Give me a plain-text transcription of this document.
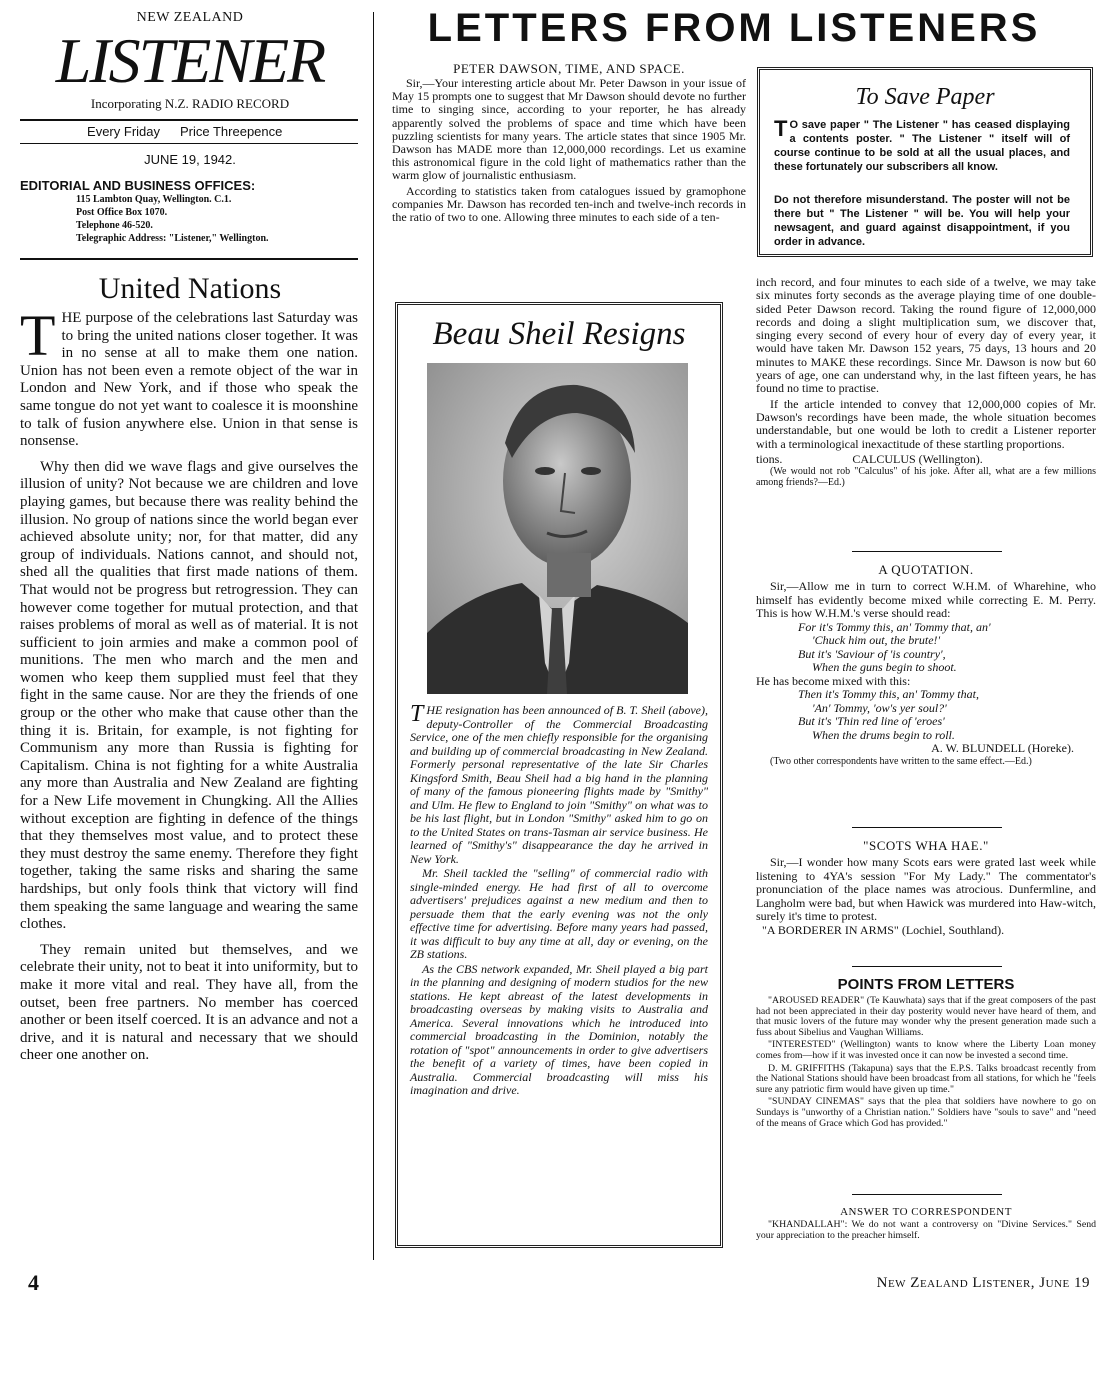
NEW ZEALAND
LISTENER
Incorporating N.Z. RADIO RECORD
Every Friday Price Threepence
JUNE 19, 1942.
EDITORIAL AND BUSINESS OFFICES:
115 Lambton Quay, Wellington. C.1.
Post Office Box 1070.
Telephone 46-520.
Telegraphic Address: "Listener," Wellington.
United Nations

THE purpose of the celebrations last Saturday was to bring the united nations closer together. It was in no sense at all to make them one nation. Union has not been even a remote object of the war in London and New York, and if those who speak the same tongue do not yet want to coalesce it is moonshine to talk of fusion anywhere else. Union in that sense is nonsense.

Why then did we wave flags and give ourselves the illusion of unity? Not because we are children and love playing games, but because there was reality behind the illusion. No group of nations since the world began ever achieved absolute unity; nor, for that matter, did any group of individuals. Nations cannot, and should not, shed all the qualities that first made nations of them. That would not be progress but retrogression. They can however come together for mutual protection, and that raises problems of moral as well as of material. It is not sufficient to join armies and make a common pool of munitions. The men who march and the men and women who keep them supplied must feel that they fight in the same cause. Nor are they the friends of one group or the other who make that cause other than the thing it is. Britain, for example, is not fighting for Communism any more than Russia is fighting for Capitalism. China is not fighting for a white Australia any more than Australia and New Zealand are fighting for a New Life movement in Chungking. All the Allies without exception are fighting in defence of the things that they themselves most value, and to protect these they must destroy the same enemy. Therefore they fight together, taking the same risks and sharing the same hardships, but only fools think that victory will find them speaking the same language and wearing the same clothes.

They remain united but themselves, and we celebrate their unity, not to beat it into uniformity, but to make it more vital and real. They have all, from the outset, been free partners. No member has coerced another or been itself coerced. It is an advance and not a drive, and it is natural and necessary that we should cheer one another on.

LETTERS FROM LISTENERS
PETER DAWSON, TIME, AND SPACE.

Sir,—Your interesting article about Mr. Peter Dawson in your issue of May 15 prompts one to suggest that Mr Dawson should devote no further time to singing since, according to your reporter, he has already apparently solved the problems of space and time which have been puzzling scientists for many years. The article states that since 1905 Mr. Dawson has MADE more than 12,000,000 recordings. Let us examine this astronomical figure in the cold light of mathematics rather than the warm glow of journalistic enthusiasm.

According to statistics taken from catalogues issued by gramophone companies Mr. Dawson has recorded ten-inch and twelve-inch records in the ratio of two to one. Allowing three minutes to each side of a ten-

Beau Sheil Resigns

THE resignation has been announced of B. T. Sheil (above), deputy-Controller of the Commercial Broadcasting Service, one of the men chiefly responsible for the organising and building up of commercial broadcasting in New Zealand. Formerly personal representative of the late Sir Charles Kingsford Smith, Beau Sheil had a big hand in the planning of many of the famous pioneering flights made by "Smithy" and Ulm. He flew to England to join "Smithy" on what was to be his last flight, but in London "Smithy" asked him to go on to the United States on trans-Tasman air service business. He learned of "Smithy's" disappearance the day he arrived in New York.

Mr. Sheil tackled the "selling" of commercial radio with single-minded energy. He had first of all to overcome advertisers' prejudices against a new medium and then to persuade them that the early evening was not the only effective time for advertising. Before many years had passed, it was difficult to buy any time at all, day or evening, on the ZB stations.

As the CBS network expanded, Mr. Sheil played a big part in the planning and designing of modern studios for the new stations. He kept abreast of the latest developments in broadcasting overseas by making visits to Australia and America. Several innovations which he introduced into commercial broadcasting in the Dominion, notably the rotation of "spot" announcements in order to give advertisers the benefit of a variety of times, have been copied in Australia. Commercial broadcasting will miss his imagination and drive.

To Save Paper
T O save paper " The Listener " has ceased displaying a contents poster. " The Listener " itself will of course continue to be sold at all the usual places, and these fortunately our subscribers all know.
Do not therefore misunderstand. The poster will not be there but " The Listener " will be. You will help your newsagent, and guard against disappointment, if you order in advance.

inch record, and four minutes to each side of a twelve, we may take six minutes forty seconds as the average playing time of one double-sided Peter Dawson record. Taking the round figure of 12,000,000 records and doing a slight multiplication sum, we discover that, singing every second of every hour of every day of every year, it would have taken Mr. Dawson 152 years, 75 days, 13 hours and 20 minutes to MAKE these recordings. Since Mr. Dawson is now but 60 years of age, one can understand why, in the last fifteen years, he has found no time to practise.

If the article intended to convey that 12,000,000 copies of Mr. Dawson's recordings have been made, the whole situation becomes understandable, but one would be loth to credit a Listener reporter with a terminological inexactitude of these startling proportions.

tions.	CALCULUS (Wellington).

(We would not rob "Calculus" of his joke. After all, what are a few millions among friends?—Ed.)

A QUOTATION.

Sir,—Allow me in turn to correct W.H.M. of Wharehine, who himself has evidently become mixed while correcting E. M. Perry. This is how W.H.M.'s verse should read:

For it's Tommy this, an' Tommy that, an'

'Chuck him out, the brute!'

But it's 'Saviour of 'is country',

When the guns begin to shoot.

He has become mixed with this:

Then it's Tommy this, an' Tommy that,

'An' Tommy, 'ow's yer soul?'

But it's 'Thin red line of 'eroes'

When the drums begin to roll.

A. W. BLUNDELL (Horeke).

(Two other correspondents have written to the same effect.—Ed.)

"SCOTS WHA HAE."

Sir,—I wonder how many Scots ears were grated last week while listening to 4YA's session "For My Lady." The commentator's pronunciation of the place names was atrocious. Dunfermline, and Langholm were bad, but when Hawick was murdered into Haw-witch, surely it's time to protest.

"A BORDERER IN ARMS" (Lochiel, Southland).

POINTS FROM LETTERS

"AROUSED READER" (Te Kauwhata) says that if the great composers of the past had not been appreciated in their day posterity would never have heard of them, and that music lovers of the future may wonder why the present generation made such a fuss about Sibelius and Vaughan Williams.

"INTERESTED" (Wellington) wants to know where the Liberty Loan money comes from—how if it was invested once it can now be invested a second time.

D. M. GRIFFITHS (Takapuna) says that the E.P.S. Talks broadcast recently from the National Stations should have been broadcast from all stations, for which he "feels sure any patriotic firm would have given up time."

"SUNDAY CINEMAS" says that the plea that soldiers have nowhere to go on Sundays is "unworthy of a Christian nation." Soldiers have "souls to save" and "need of the means of Grace which God has provided."

ANSWER TO CORRESPONDENT

"KHANDALLAH": We do not want a controversy on "Divine Services." Send your appreciation to the preacher himself.

4	New Zealand Listener, June 19
